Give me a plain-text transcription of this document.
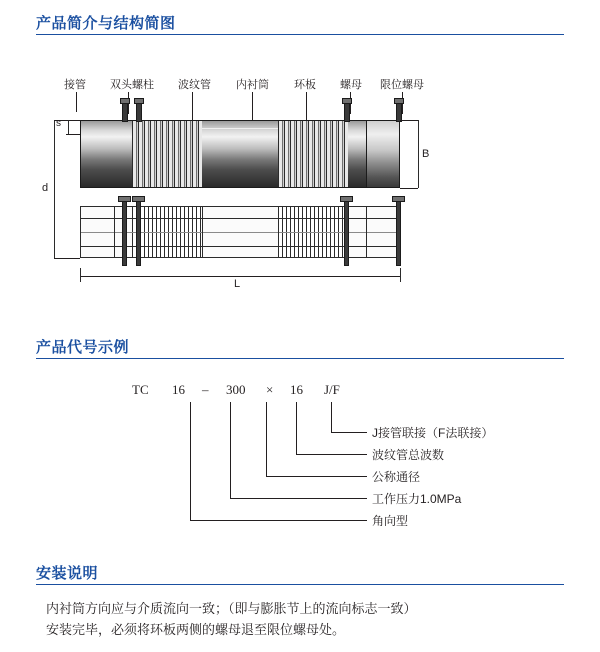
产品简介与结构简图
接管 双头螺柱 波纹管 内衬筒 环板 螺母 限位螺母
d
s
B
L
产品代号示例
TC 16 – 300 × 16 J/F
J接管联接（F法联接）
波纹管总波数
公称通径
工作压力1.0MPa
角向型
安装说明
内衬筒方向应与介质流向一致；（即与膨胀节上的流向标志一致）
安装完毕，必须将环板两侧的螺母退至限位螺母处。
